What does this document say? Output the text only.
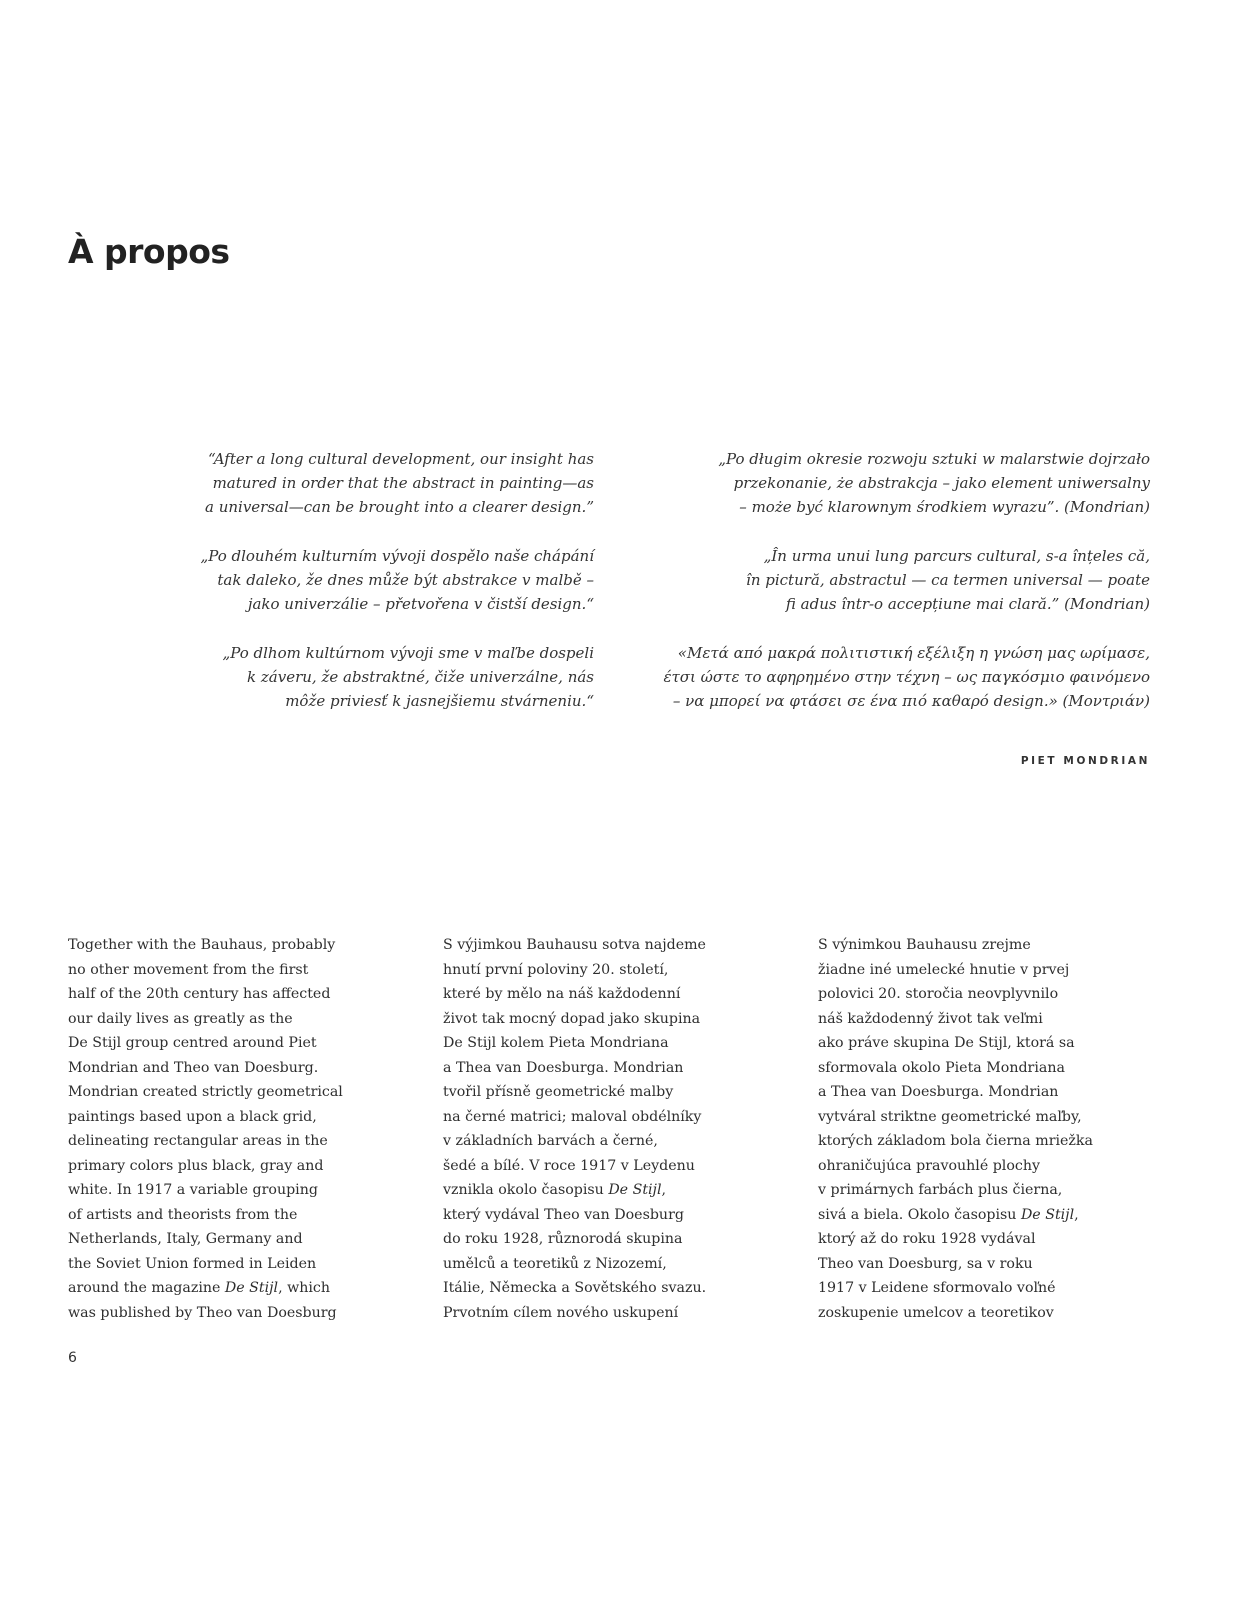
À propos

“After a long cultural development, our insight has
matured in order that the abstract in painting—as
a universal—can be brought into a clearer design.”

„Po dlouhém kulturním vývoji dospělo naše chápání
tak daleko, že dnes může být abstrakce v malbě –
jako univerzálie – přetvořena v čistší design.“

„Po dlhom kultúrnom vývoji sme v maľbe dospeli
k záveru, že abstraktné, čiže univerzálne, nás
môže priviesť k jasnejšiemu stvárneniu.“

„Po długim okresie rozwoju sztuki w malarstwie dojrzało
przekonanie, że abstrakcja – jako element uniwersalny
– może być klarownym środkiem wyrazu”. (Mondrian)

„În urma unui lung parcurs cultural, s-a înțeles că,
în pictură, abstractul — ca termen universal — poate
fi adus într-o accepțiune mai clară.” (Mondrian)

«Μετά από μακρά πολιτιστική εξέλιξη η γνώση μας ωρίμασε,
έτσι ώστε το αφηρημένο στην τέχνη – ως παγκόσμιο φαινόμενο
– να μπορεί να φτάσει σε ένα πιό καθαρό design.» (Μοντριάν)

PIET MONDRIAN
Together with the Bauhaus, probably
no other movement from the first
half of the 20th century has affected
our daily lives as greatly as the
De Stijl group centred around Piet
Mondrian and Theo van Doesburg.
Mondrian created strictly geometrical
paintings based upon a black grid,
delineating rectangular areas in the
primary colors plus black, gray and
white. In 1917 a variable grouping
of artists and theorists from the
Netherlands, Italy, Germany and
the Soviet Union formed in Leiden
around the magazine De Stijl, which
was published by Theo van Doesburg
S výjimkou Bauhausu sotva najdeme
hnutí první poloviny 20. století,
které by mělo na náš každodenní
život tak mocný dopad jako skupina
De Stijl kolem Pieta Mondriana
a Thea van Doesburga. Mondrian
tvořil přísně geometrické malby
na černé matrici; maloval obdélníky
v základních barvách a černé,
šedé a bílé. V roce 1917 v Leydenu
vznikla okolo časopisu De Stijl,
který vydával Theo van Doesburg
do roku 1928, různorodá skupina
umělců a teoretiků z Nizozemí,
Itálie, Německa a Sovětského svazu.
Prvotním cílem nového uskupení
S výnimkou Bauhausu zrejme
žiadne iné umelecké hnutie v prvej
polovici 20. storočia neovplyvnilo
náš každodenný život tak veľmi
ako práve skupina De Stijl, ktorá sa
sformovala okolo Pieta Mondriana
a Thea van Doesburga. Mondrian
vytváral striktne geometrické maľby,
ktorých základom bola čierna mriežka
ohraničujúca pravouhlé plochy
v primárnych farbách plus čierna,
sivá a biela. Okolo časopisu De Stijl,
ktorý až do roku 1928 vydával
Theo van Doesburg, sa v roku
1917 v Leidene sformovalo voľné
zoskupenie umelcov a teoretikov
6
